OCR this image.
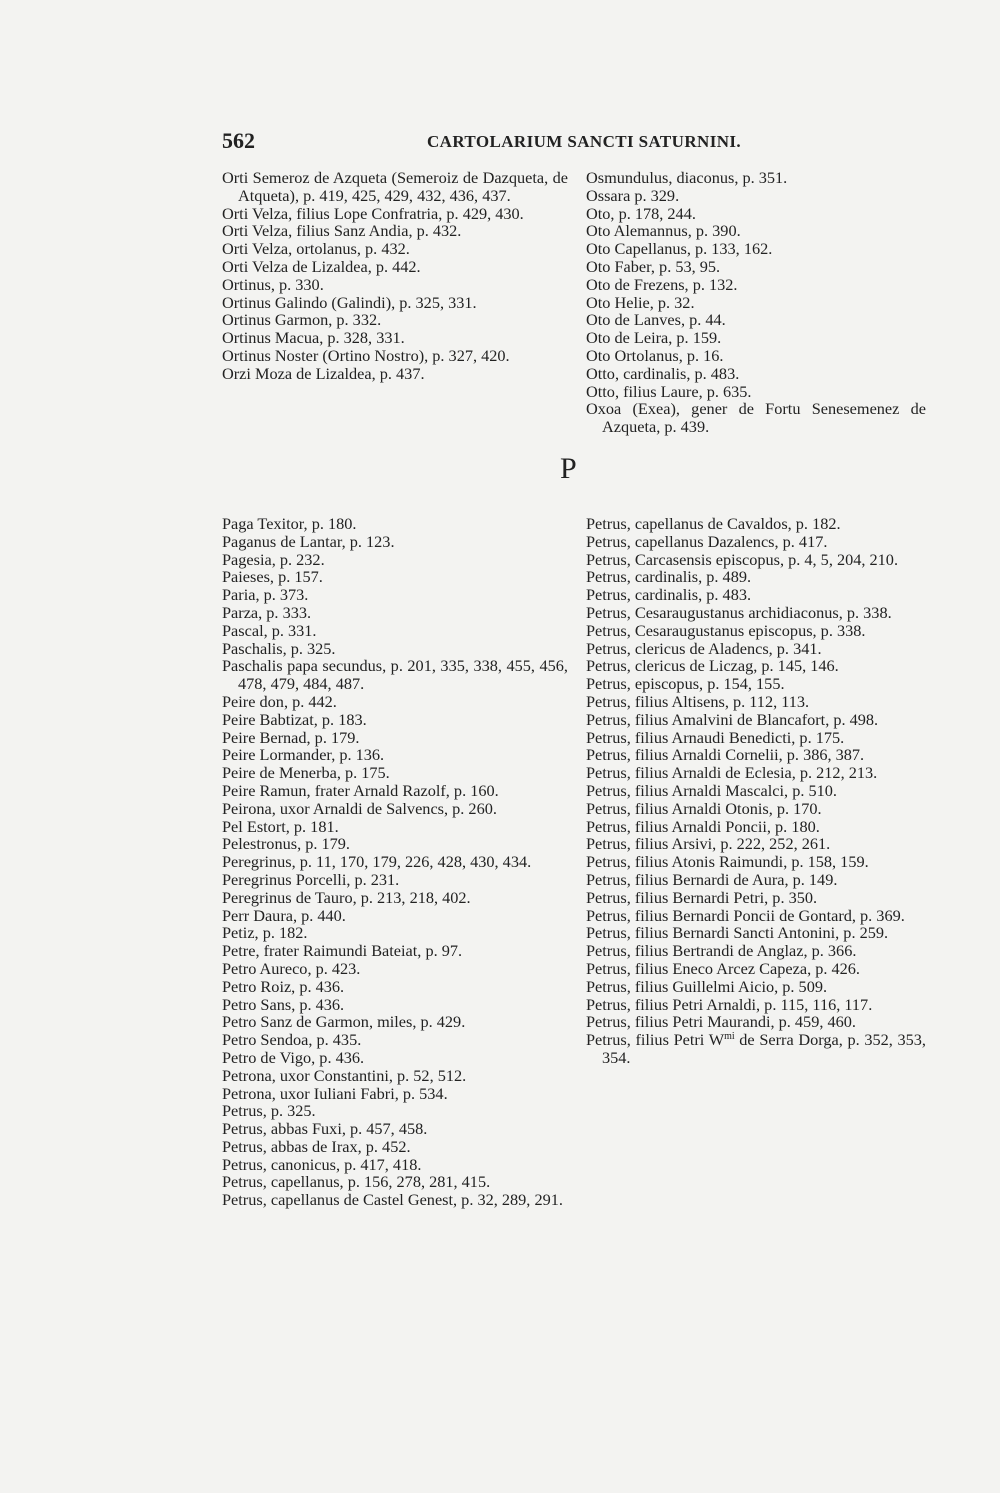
562	CARTOLARIUM SANCTI SATURNINI.
Orti Semeroz de Azqueta (Semeroiz de Dazqueta, de Atqueta), p. 419, 425, 429, 432, 436, 437.
Orti Velza, filius Lope Confratria, p. 429, 430.
Orti Velza, filius Sanz Andia, p. 432.
Orti Velza, ortolanus, p. 432.
Orti Velza de Lizaldea, p. 442.
Ortinus, p. 330.
Ortinus Galindo (Galindi), p. 325, 331.
Ortinus Garmon, p. 332.
Ortinus Macua, p. 328, 331.
Ortinus Noster (Ortino Nostro), p. 327, 420.
Orzi Moza de Lizaldea, p. 437.
Osmundulus, diaconus, p. 351.
Ossara p. 329.
Oto, p. 178, 244.
Oto Alemannus, p. 390.
Oto Capellanus, p. 133, 162.
Oto Faber, p. 53, 95.
Oto de Frezens, p. 132.
Oto Helie, p. 32.
Oto de Lanves, p. 44.
Oto de Leira, p. 159.
Oto Ortolanus, p. 16.
Otto, cardinalis, p. 483.
Otto, filius Laure, p. 635.
Oxoa (Exea), gener de Fortu Senesemenez de Azqueta, p. 439.
P
Paga Texitor, p. 180.
Paganus de Lantar, p. 123.
Pagesia, p. 232.
Paieses, p. 157.
Paria, p. 373.
Parza, p. 333.
Pascal, p. 331.
Paschalis, p. 325.
Paschalis papa secundus, p. 201, 335, 338, 455, 456, 478, 479, 484, 487.
Peire don, p. 442.
Peire Babtizat, p. 183.
Peire Bernad, p. 179.
Peire Lormander, p. 136.
Peire de Menerba, p. 175.
Peire Ramun, frater Arnald Razolf, p. 160.
Peirona, uxor Arnaldi de Salvencs, p. 260.
Pel Estort, p. 181.
Pelestronus, p. 179.
Peregrinus, p. 11, 170, 179, 226, 428, 430, 434.
Peregrinus Porcelli, p. 231.
Peregrinus de Tauro, p. 213, 218, 402.
Perr Daura, p. 440.
Petiz, p. 182.
Petre, frater Raimundi Bateiat, p. 97.
Petro Aureco, p. 423.
Petro Roiz, p. 436.
Petro Sans, p. 436.
Petro Sanz de Garmon, miles, p. 429.
Petro Sendoa, p. 435.
Petro de Vigo, p. 436.
Petrona, uxor Constantini, p. 52, 512.
Petrona, uxor Iuliani Fabri, p. 534.
Petrus, p. 325.
Petrus, abbas Fuxi, p. 457, 458.
Petrus, abbas de Irax, p. 452.
Petrus, canonicus, p. 417, 418.
Petrus, capellanus, p. 156, 278, 281, 415.
Petrus, capellanus de Castel Genest, p. 32, 289, 291.
Petrus, capellanus de Cavaldos, p. 182.
Petrus, capellanus Dazalencs, p. 417.
Petrus, Carcasensis episcopus, p. 4, 5, 204, 210.
Petrus, cardinalis, p. 489.
Petrus, cardinalis, p. 483.
Petrus, Cesaraugustanus archidiaconus, p. 338.
Petrus, Cesaraugustanus episcopus, p. 338.
Petrus, clericus de Aladencs, p. 341.
Petrus, clericus de Liczag, p. 145, 146.
Petrus, episcopus, p. 154, 155.
Petrus, filius Altisens, p. 112, 113.
Petrus, filius Amalvini de Blancafort, p. 498.
Petrus, filius Arnaudi Benedicti, p. 175.
Petrus, filius Arnaldi Cornelii, p. 386, 387.
Petrus, filius Arnaldi de Eclesia, p. 212, 213.
Petrus, filius Arnaldi Mascalci, p. 510.
Petrus, filius Arnaldi Otonis, p. 170.
Petrus, filius Arnaldi Poncii, p. 180.
Petrus, filius Arsivi, p. 222, 252, 261.
Petrus, filius Atonis Raimundi, p. 158, 159.
Petrus, filius Bernardi de Aura, p. 149.
Petrus, filius Bernardi Petri, p. 350.
Petrus, filius Bernardi Poncii de Gontard, p. 369.
Petrus, filius Bernardi Sancti Antonini, p. 259.
Petrus, filius Bertrandi de Anglaz, p. 366.
Petrus, filius Eneco Arcez Capeza, p. 426.
Petrus, filius Guillelmi Aicio, p. 509.
Petrus, filius Petri Arnaldi, p. 115, 116, 117.
Petrus, filius Petri Maurandi, p. 459, 460.
Petrus, filius Petri $W^{mi}$ de Serra Dorga, p. 352, 353, 354.
